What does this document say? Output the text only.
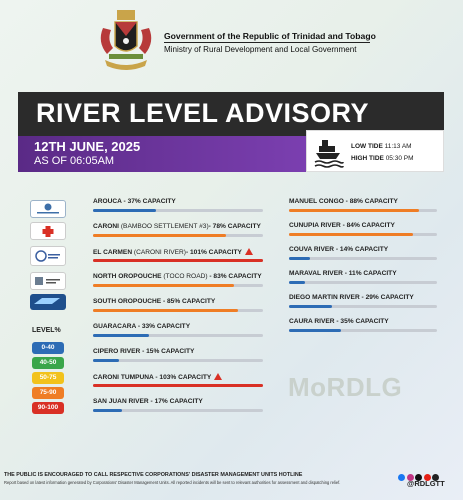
Government of the Republic of Trinidad and Tobago
Ministry of Rural Development and Local Government
RIVER LEVEL ADVISORY
12TH JUNE, 2025
AS OF 06:05AM
LOW TIDE 11:13 AM
HIGH TIDE 05:30 PM
LEVEL%
0-40
40-50
50-75
75-90
90-100
AROUCA - 37% CAPACITY
CARONI (BAMBOO SETTLEMENT #3)- 78% CAPACITY
EL CARMEN (CARONI RIVER)- 101% CAPACITY
NORTH OROPOUCHE (TOCO ROAD) - 83% CAPACITY
SOUTH OROPOUCHE - 85% CAPACITY
GUARACARA - 33% CAPACITY
CIPERO RIVER - 15% CAPACITY
CARONI TUMPUNA - 103% CAPACITY
SAN JUAN RIVER - 17% CAPACITY
MANUEL CONGO - 88% CAPACITY
CUNUPIA RIVER - 84% CAPACITY
COUVA RIVER - 14% CAPACITY
MARAVAL RIVER - 11% CAPACITY
DIEGO MARTIN RIVER - 29% CAPACITY
CAURA RIVER - 35% CAPACITY
MoRDLG
THE PUBLIC IS ENCOURAGED TO CALL RESPECTIVE CORPORATIONS' DISASTER MANAGEMENT UNITS HOTLINE
Report based on latest information generated by Corporations' Disaster Management Units. All reported incidents will be sent to relevant authorities for assessment and dispatching relief.	@RDLGTT
